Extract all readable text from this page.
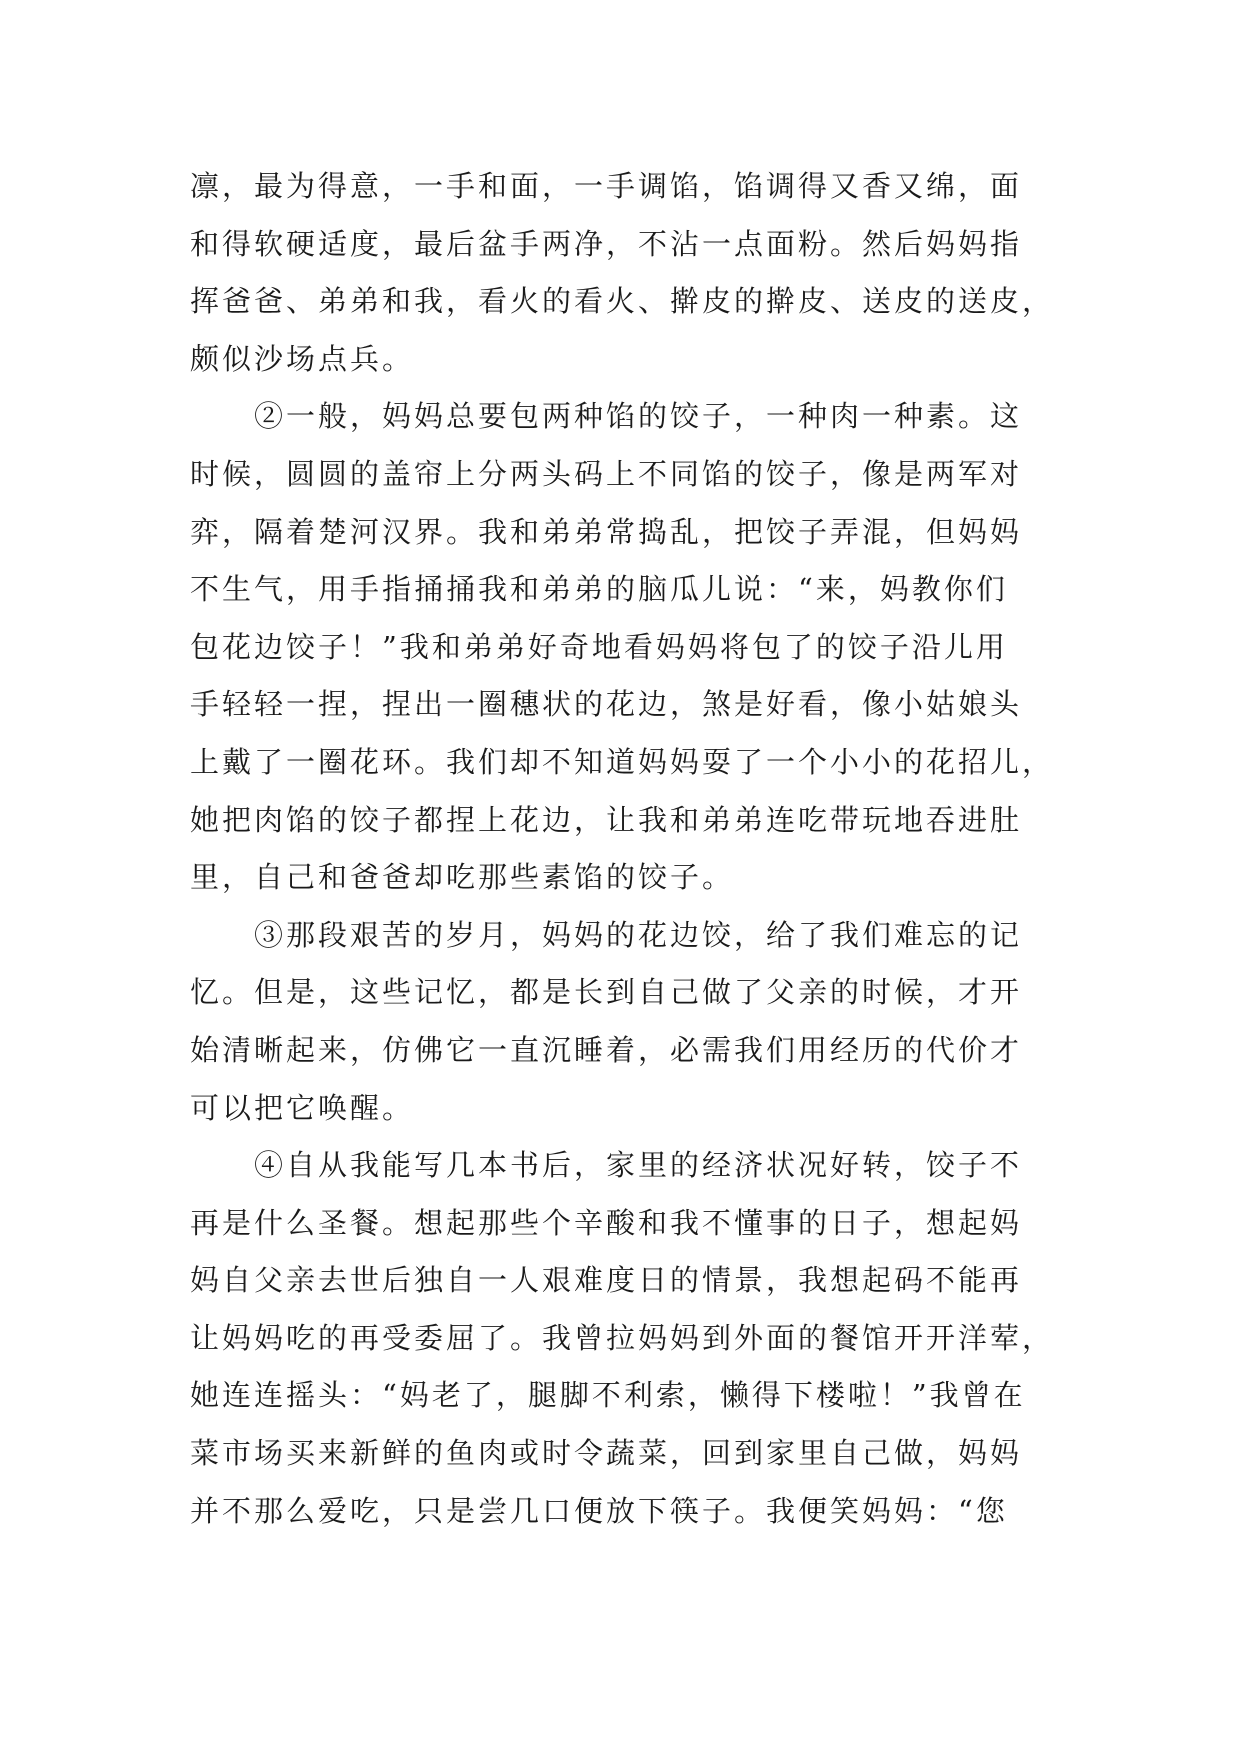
凛，最为得意，一手和面，一手调馅，馅调得又香又绵，面
和得软硬适度，最后盆手两净，不沾一点面粉。然后妈妈指
挥爸爸、弟弟和我，看火的看火、擀皮的擀皮、送皮的送皮，
颇似沙场点兵。
②一般，妈妈总要包两种馅的饺子，一种肉一种素。这
时候，圆圆的盖帘上分两头码上不同馅的饺子，像是两军对
弈，隔着楚河汉界。我和弟弟常捣乱，把饺子弄混，但妈妈
不生气，用手指捅捅我和弟弟的脑瓜儿说：“来，妈教你们
包花边饺子！”我和弟弟好奇地看妈妈将包了的饺子沿儿用
手轻轻一捏，捏出一圈穗状的花边，煞是好看，像小姑娘头
上戴了一圈花环。我们却不知道妈妈耍了一个小小的花招儿，
她把肉馅的饺子都捏上花边，让我和弟弟连吃带玩地吞进肚
里，自己和爸爸却吃那些素馅的饺子。
③那段艰苦的岁月，妈妈的花边饺，给了我们难忘的记
忆。但是，这些记忆，都是长到自己做了父亲的时候，才开
始清晰起来，仿佛它一直沉睡着，必需我们用经历的代价才
可以把它唤醒。
④自从我能写几本书后，家里的经济状况好转，饺子不
再是什么圣餐。想起那些个辛酸和我不懂事的日子，想起妈
妈自父亲去世后独自一人艰难度日的情景，我想起码不能再
让妈妈吃的再受委屈了。我曾拉妈妈到外面的餐馆开开洋荤，
她连连摇头：“妈老了，腿脚不利索，懒得下楼啦！”我曾在
菜市场买来新鲜的鱼肉或时令蔬菜，回到家里自己做，妈妈
并不那么爱吃，只是尝几口便放下筷子。我便笑妈妈：“您
